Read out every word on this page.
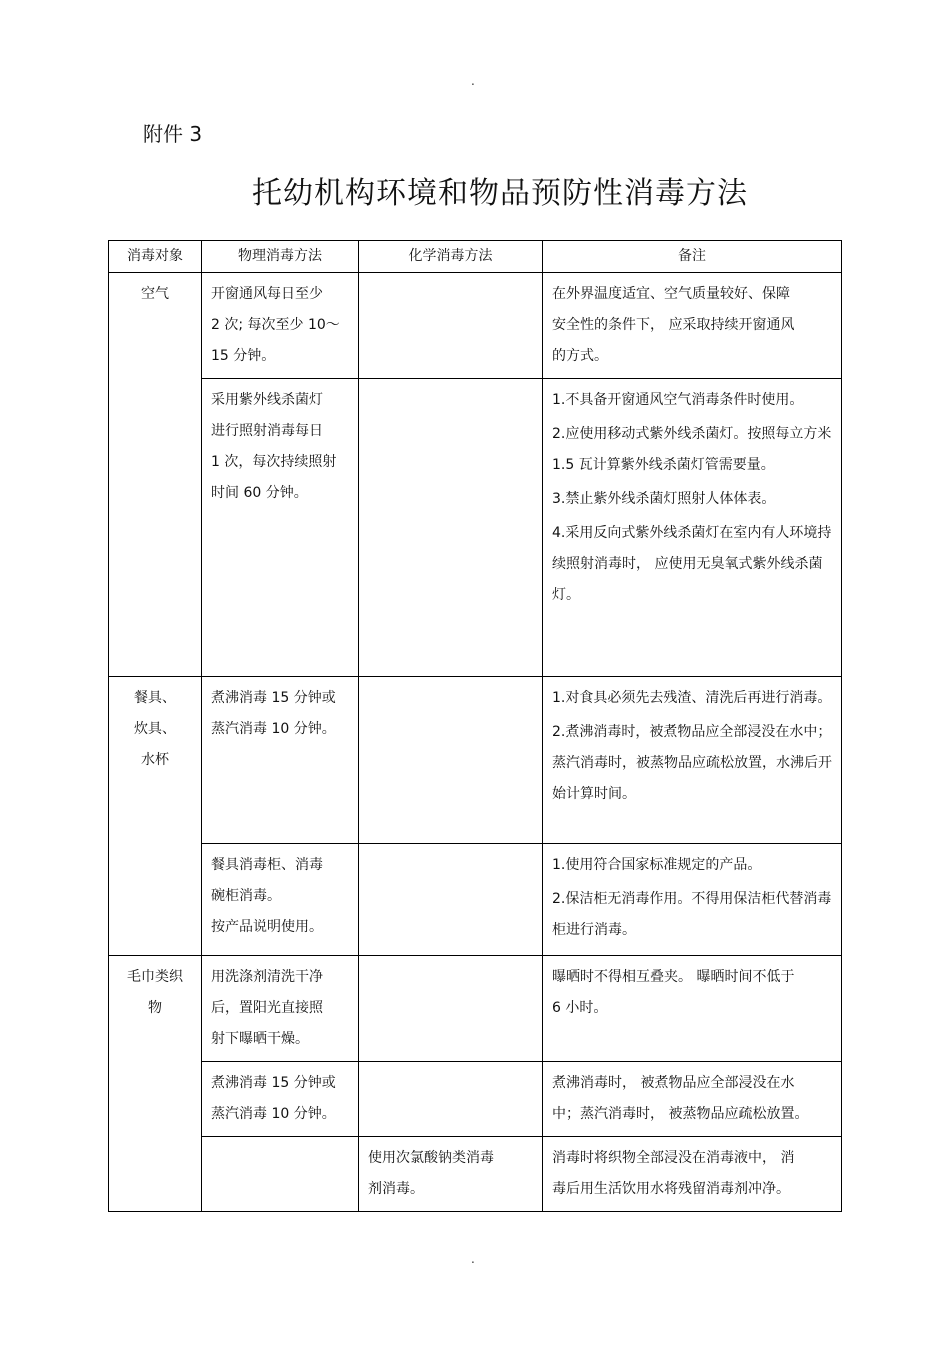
.
附件 3
托幼机构环境和物品预防性消毒方法
消毒对象	物理消毒方法	化学消毒方法	备注
空气	开窗通风每日至少
2 次; 每次至少 10～
15 分钟。		在外界温度适宜、空气质量较好、保障
安全性的条件下， 应采取持续开窗通风
的方式。

	采用紫外线杀菌灯
进行照射消毒每日
1 次，每次持续照射
时间 60 分钟。		1.不具备开窗通风空气消毒条件时使用。
2.应使用移动式紫外线杀菌灯。按照每立方米 1.5 瓦计算紫外线杀菌灯管需要量。
3.禁止紫外线杀菌灯照射人体体表。
4.采用反向式紫外线杀菌灯在室内有人环境持续照射消毒时， 应使用无臭氧式紫外线杀菌灯。

餐具、
炊具、
水杯	煮沸消毒 15 分钟或
蒸汽消毒 10 分钟。		1.对食具必须先去残渣、清洗后再进行消毒。
2.煮沸消毒时，被煮物品应全部浸没在水中；蒸汽消毒时，被蒸物品应疏松放置，水沸后开始计算时间。

	餐具消毒柜、消毒
碗柜消毒。
按产品说明使用。		1.使用符合国家标准规定的产品。
2.保洁柜无消毒作用。不得用保洁柜代替消毒柜进行消毒。

毛巾类织
物	用洗涤剂清洗干净
后，置阳光直接照
射下曝晒干燥。		曝晒时不得相互叠夹。 曝晒时间不低于
6 小时。

	煮沸消毒 15 分钟或
蒸汽消毒 10 分钟。		煮沸消毒时， 被煮物品应全部浸没在水
中；蒸汽消毒时， 被蒸物品应疏松放置。

		使用次氯酸钠类消毒
剂消毒。	消毒时将织物全部浸没在消毒液中， 消
毒后用生活饮用水将残留消毒剂冲净。
.
